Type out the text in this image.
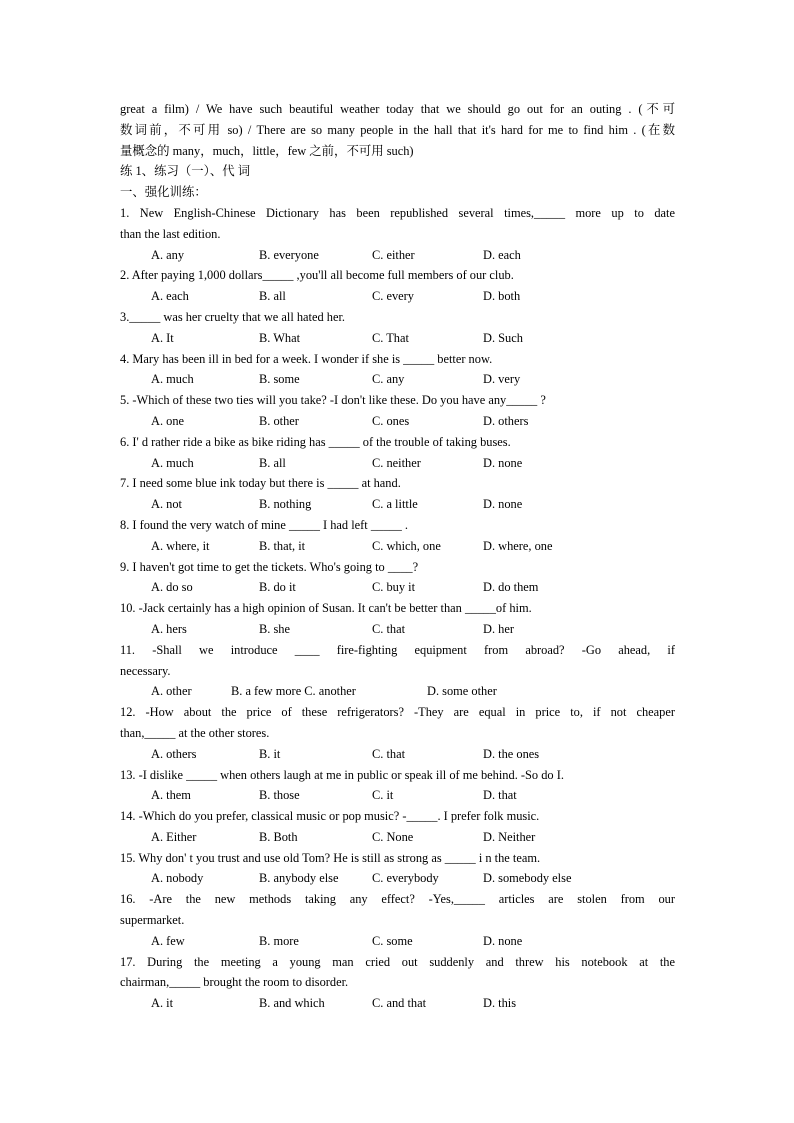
great a film) / We have such beautiful weather today that we should go out for an outing . (不可

数词前，不可用 so) / There are so many people in the hall that it's hard for me to find him . (在数

量概念的 many，much，little，few 之前，不可用 such)

练 1、练习（一）、代 词

一、强化训练：

1. New English-Chinese Dictionary has been republished several times,_____ more up to date

than the last edition.

A. any	B. everyone	C. either	D. each

2. After paying 1,000 dollars_____ ,you'll all become full members of our club.

A. each	B. all	C. every	D. both

3._____ was her cruelty that we all hated her.

A. It	B. What	C. That	D. Such

4. Mary has been ill in bed for a week. I wonder if she is _____ better now.

A. much	B. some	C. any	D. very

5. -Which of these two ties will you take? -I don't like these. Do you have any_____ ?

A. one	B. other	C. ones	D. others

6. I' d rather ride a bike as bike riding has _____ of the trouble of taking buses.

A. much	B. all	C. neither	D. none

7. I need some blue ink today but there is _____ at hand.

A. not	B. nothing	C. a little	D. none

8. I found the very watch of mine _____ I had left _____ .

A. where, it	B. that, it	C. which, one	D. where, one

9. I haven't got time to get the tickets. Who's going to ____?

A. do so	B. do it	C. buy it	D. do them

10. -Jack certainly has a high opinion of Susan. It can't be better than _____of him.

A. hers	B. she	C. that	D. her

11. -Shall we introduce ____ fire-fighting equipment from abroad? -Go ahead, if

necessary.

A. other	B. a few more C. another	D. some other

12. -How about the price of these refrigerators? -They are equal in price to, if not cheaper

than,_____ at the other stores.

A. others	B. it	C. that	D. the ones

13. -I dislike _____ when others laugh at me in public or speak ill of me behind. -So do I.

A. them	B. those	C. it	D. that

14. -Which do you prefer, classical music or pop music? -_____. I prefer folk music.

A. Either	B. Both	C. None	D. Neither

15. Why don' t you trust and use old Tom? He is still as strong as _____ i n the team.

A. nobody	B. anybody else	C. everybody	D. somebody else

16. -Are the new methods taking any effect? -Yes,_____ articles are stolen from our

supermarket.

A. few	B. more	C. some	D. none

17. During the meeting a young man cried out suddenly and threw his notebook at the

chairman,_____ brought the room to disorder.

A. it	B. and which	C. and that	D. this
